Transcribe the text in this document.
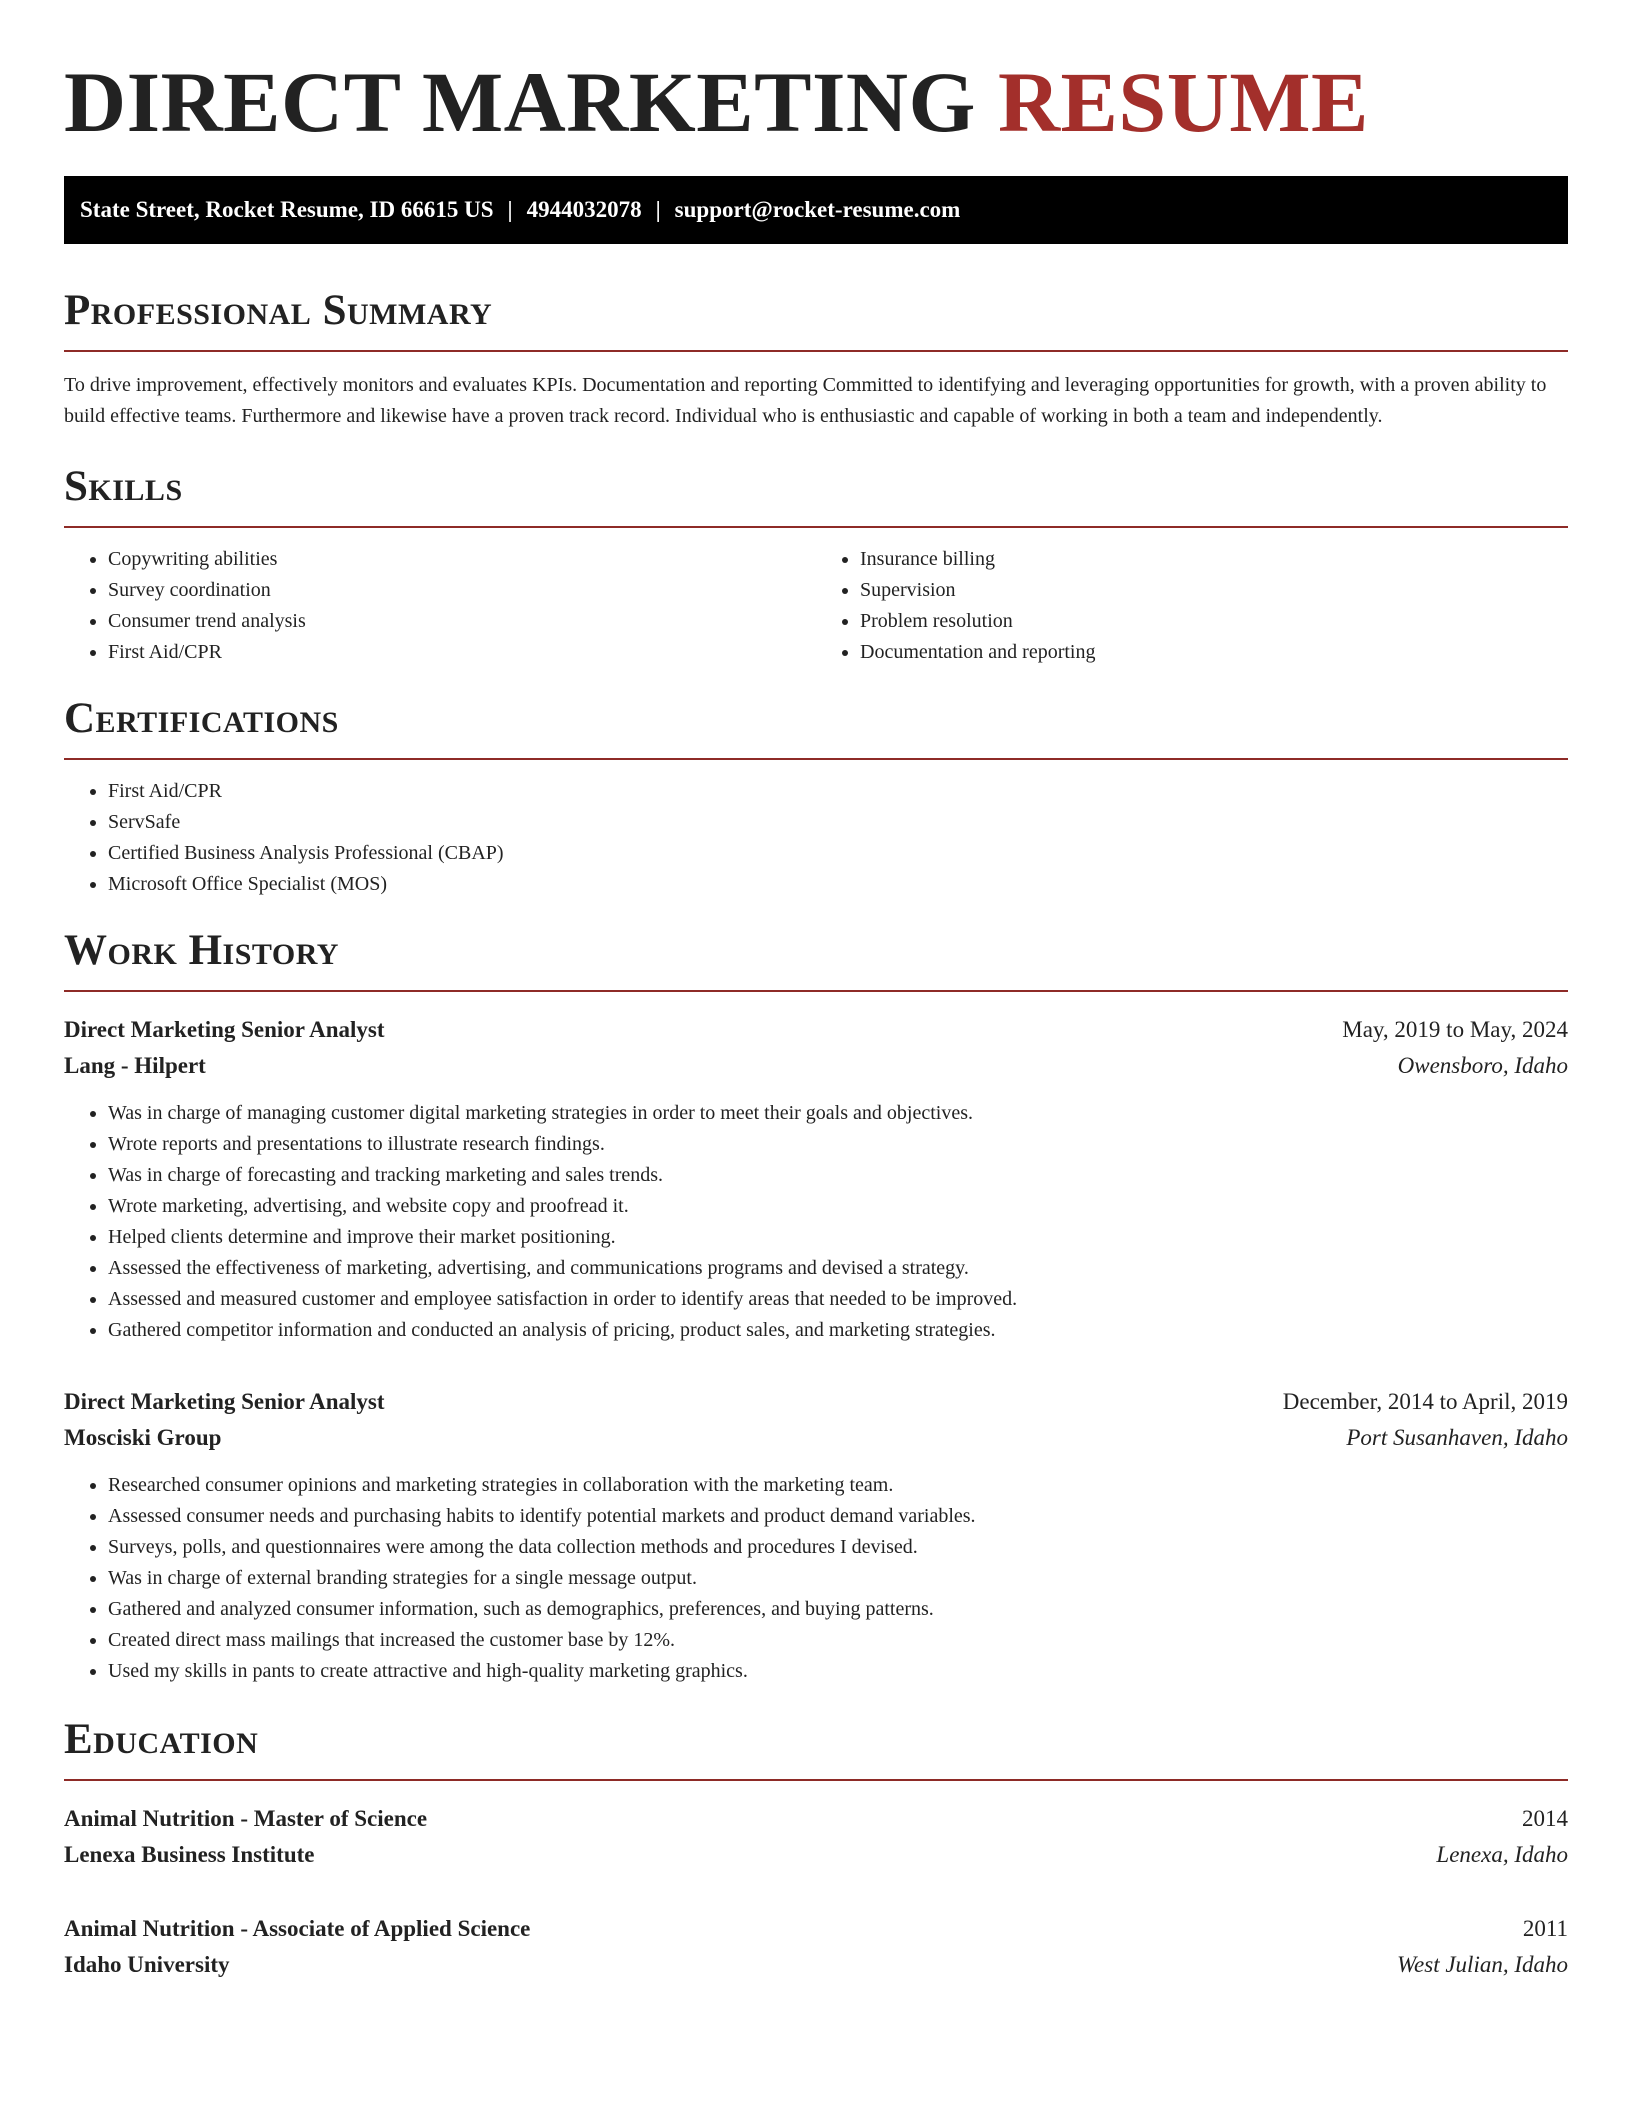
DIRECT MARKETING RESUME
State Street, Rocket Resume, ID 66615 US | 4944032078 | support@rocket-resume.com
Professional Summary

To drive improvement, effectively monitors and evaluates KPIs. Documentation and reporting Committed to identifying and leveraging opportunities for growth, with a proven ability to build effective teams. Furthermore and likewise have a proven track record. Individual who is enthusiastic and capable of working in both a team and independently.

Skills
• Copywriting abilities
• Survey coordination
• Consumer trend analysis
• First Aid/CPR
• Insurance billing
• Supervision
• Problem resolution
• Documentation and reporting
Certifications
• First Aid/CPR
• ServSafe
• Certified Business Analysis Professional (CBAP)
• Microsoft Office Specialist (MOS)
Work History
Direct Marketing Senior Analyst	May, 2019 to May, 2024
Lang - Hilpert	Owensboro, Idaho
• Was in charge of managing customer digital marketing strategies in order to meet their goals and objectives.
• Wrote reports and presentations to illustrate research findings.
• Was in charge of forecasting and tracking marketing and sales trends.
• Wrote marketing, advertising, and website copy and proofread it.
• Helped clients determine and improve their market positioning.
• Assessed the effectiveness of marketing, advertising, and communications programs and devised a strategy.
• Assessed and measured customer and employee satisfaction in order to identify areas that needed to be improved.
• Gathered competitor information and conducted an analysis of pricing, product sales, and marketing strategies.
Direct Marketing Senior Analyst	December, 2014 to April, 2019
Mosciski Group	Port Susanhaven, Idaho
• Researched consumer opinions and marketing strategies in collaboration with the marketing team.
• Assessed consumer needs and purchasing habits to identify potential markets and product demand variables.
• Surveys, polls, and questionnaires were among the data collection methods and procedures I devised.
• Was in charge of external branding strategies for a single message output.
• Gathered and analyzed consumer information, such as demographics, preferences, and buying patterns.
• Created direct mass mailings that increased the customer base by 12%.
• Used my skills in pants to create attractive and high-quality marketing graphics.
Education
Animal Nutrition - Master of Science	2014
Lenexa Business Institute	Lenexa, Idaho
Animal Nutrition - Associate of Applied Science	2011
Idaho University	West Julian, Idaho
